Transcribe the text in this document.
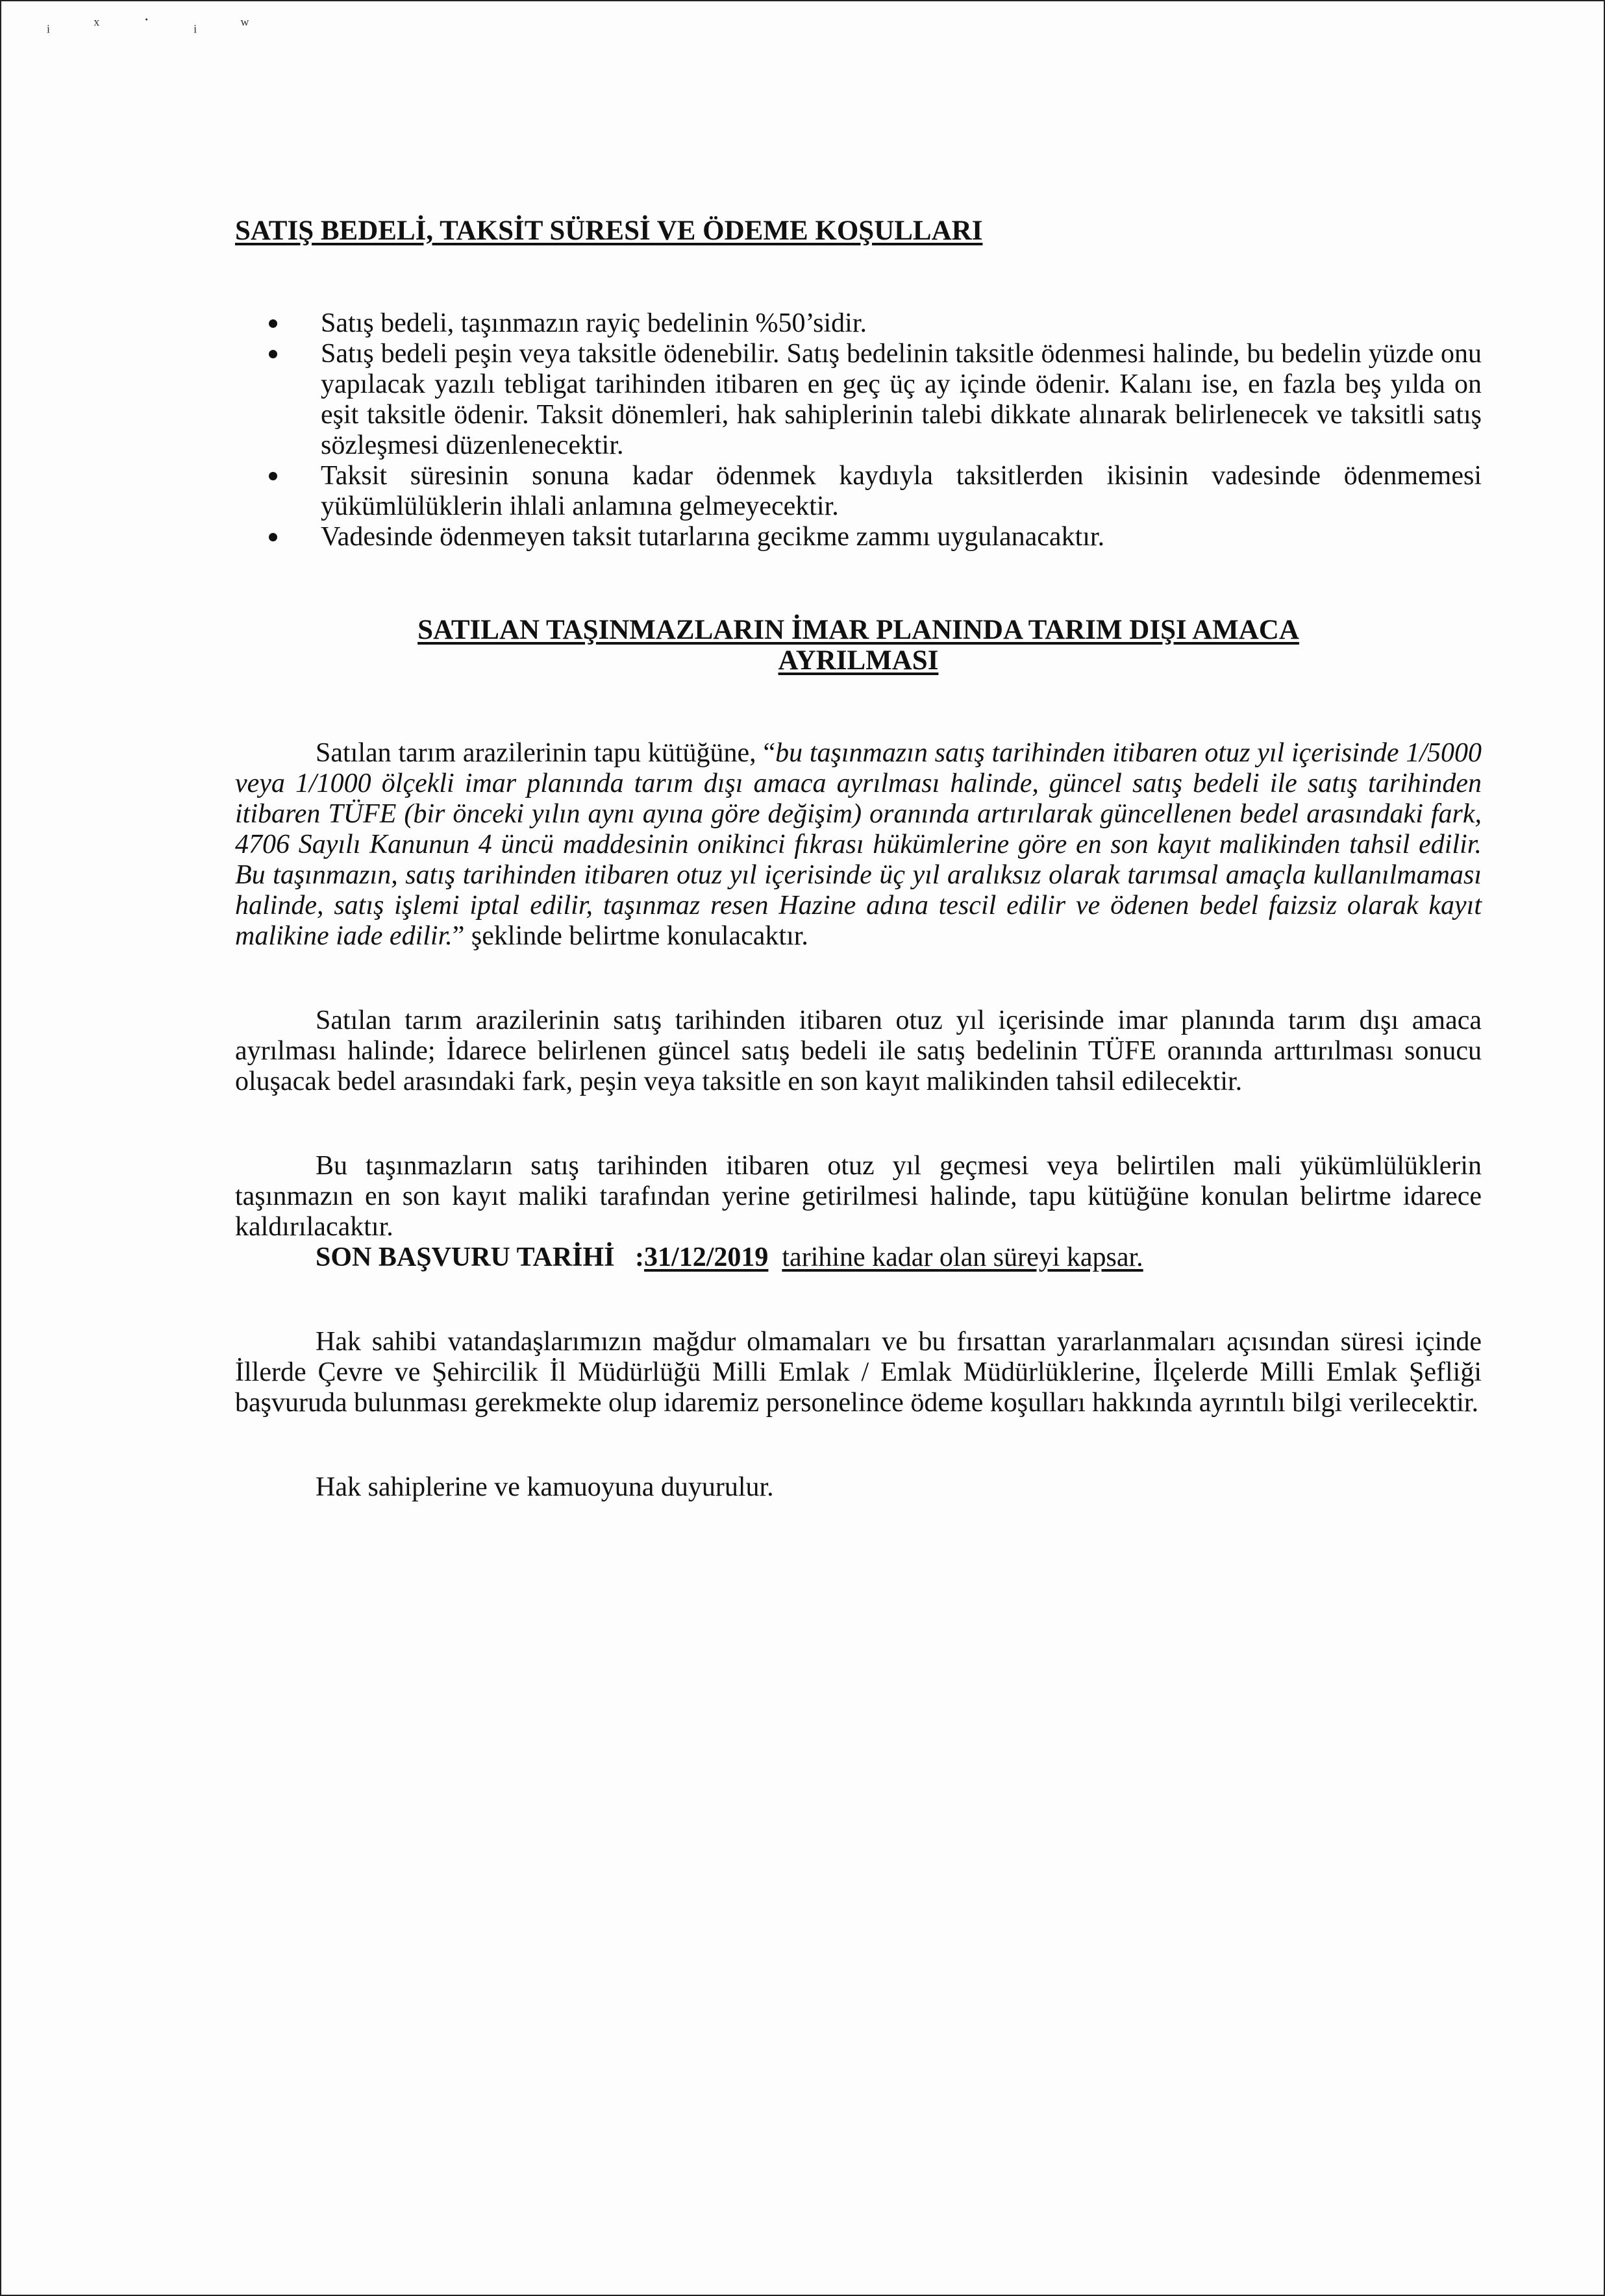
ᵢ ˣ ˙ ᵢ ʷ
SATIŞ BEDELİ, TAKSİT SÜRESİ VE ÖDEME KOŞULLARI
Satış bedeli, taşınmazın rayiç bedelinin %50’sidir.
Satış bedeli peşin veya taksitle ödenebilir. Satış bedelinin taksitle ödenmesi halinde, bu bedelin yüzde onu yapılacak yazılı tebligat tarihinden itibaren en geç üç ay içinde ödenir. Kalanı ise, en fazla beş yılda on eşit taksitle ödenir. Taksit dönemleri, hak sahiplerinin talebi dikkate alınarak belirlenecek ve taksitli satış sözleşmesi düzenlenecektir.
Taksit süresinin sonuna kadar ödenmek kaydıyla taksitlerden ikisinin vadesinde ödenmemesi yükümlülüklerin ihlali anlamına gelmeyecektir.
Vadesinde ödenmeyen taksit tutarlarına gecikme zammı uygulanacaktır.
SATILAN TAŞINMAZLARIN İMAR PLANINDA TARIM DIŞI AMACA
AYRILMASI

Satılan tarım arazilerinin tapu kütüğüne, “bu taşınmazın satış tarihinden itibaren otuz yıl içerisinde 1/5000 veya 1/1000 ölçekli imar planında tarım dışı amaca ayrılması halinde, güncel satış bedeli ile satış tarihinden itibaren TÜFE (bir önceki yılın aynı ayına göre değişim) oranında artırılarak güncellenen bedel arasındaki fark, 4706 Sayılı Kanunun 4 üncü maddesinin onikinci fıkrası hükümlerine göre en son kayıt malikinden tahsil edilir. Bu taşınmazın, satış tarihinden itibaren otuz yıl içerisinde üç yıl aralıksız olarak tarımsal amaçla kullanılmaması halinde, satış işlemi iptal edilir, taşınmaz resen Hazine adına tescil edilir ve ödenen bedel faizsiz olarak kayıt malikine iade edilir.” şeklinde belirtme konulacaktır.

Satılan tarım arazilerinin satış tarihinden itibaren otuz yıl içerisinde imar planında tarım dışı amaca ayrılması halinde; İdarece belirlenen güncel satış bedeli ile satış bedelinin TÜFE oranında arttırılması sonucu oluşacak bedel arasındaki fark, peşin veya taksitle en son kayıt malikinden tahsil edilecektir.

Bu taşınmazların satış tarihinden itibaren otuz yıl geçmesi veya belirtilen mali yükümlülüklerin taşınmazın en son kayıt maliki tarafından yerine getirilmesi halinde, tapu kütüğüne konulan belirtme idarece kaldırılacaktır.

SON BAŞVURU TARİHİ :31/12/2019 tarihine kadar olan süreyi kapsar.

Hak sahibi vatandaşlarımızın mağdur olmamaları ve bu fırsattan yararlanmaları açısından süresi içinde İllerde Çevre ve Şehircilik İl Müdürlüğü Milli Emlak / Emlak Müdürlüklerine, İlçelerde Milli Emlak Şefliği başvuruda bulunması gerekmekte olup idaremiz personelince ödeme koşulları hakkında ayrıntılı bilgi verilecektir.

Hak sahiplerine ve kamuoyuna duyurulur.
